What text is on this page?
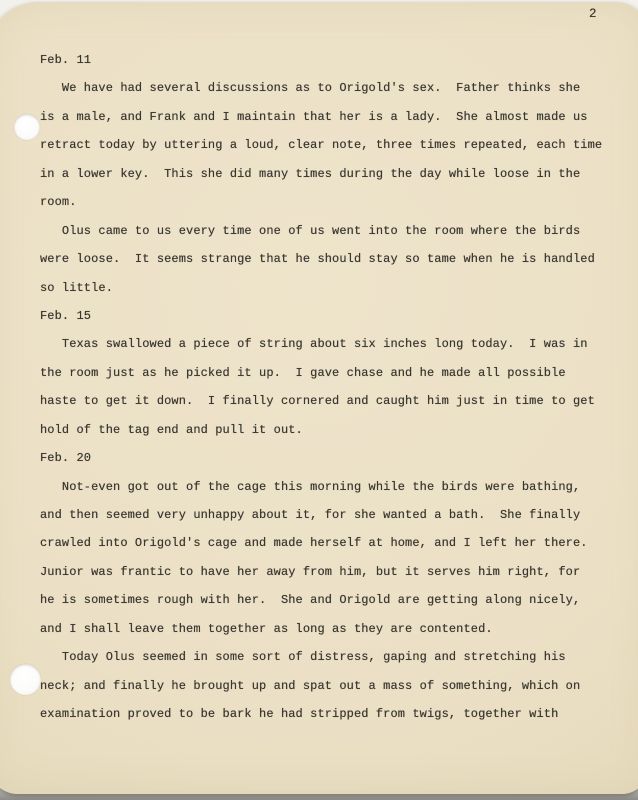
2
Feb. 11
We have had several discussions as to Origold's sex.  Father thinks she
is a male, and Frank and I maintain that her is a lady.  She almost made us
retract today by uttering a loud, clear note, three times repeated, each time
in a lower key.  This she did many times during the day while loose in the
room.
Olus came to us every time one of us went into the room where the birds
were loose.  It seems strange that he should stay so tame when he is handled
so little.
Feb. 15
Texas swallowed a piece of string about six inches long today.  I was in
the room just as he picked it up.  I gave chase and he made all possible
haste to get it down.  I finally cornered and caught him just in time to get
hold of the tag end and pull it out.
Feb. 20
Not-even got out of the cage this morning while the birds were bathing,
and then seemed very unhappy about it, for she wanted a bath.  She finally
crawled into Origold's cage and made herself at home, and I left her there.
Junior was frantic to have her away from him, but it serves him right, for
he is sometimes rough with her.  She and Origold are getting along nicely,
and I shall leave them together as long as they are contented.
Today Olus seemed in some sort of distress, gaping and stretching his
neck; and finally he brought up and spat out a mass of something, which on
examination proved to be bark he had stripped from twigs, together with
